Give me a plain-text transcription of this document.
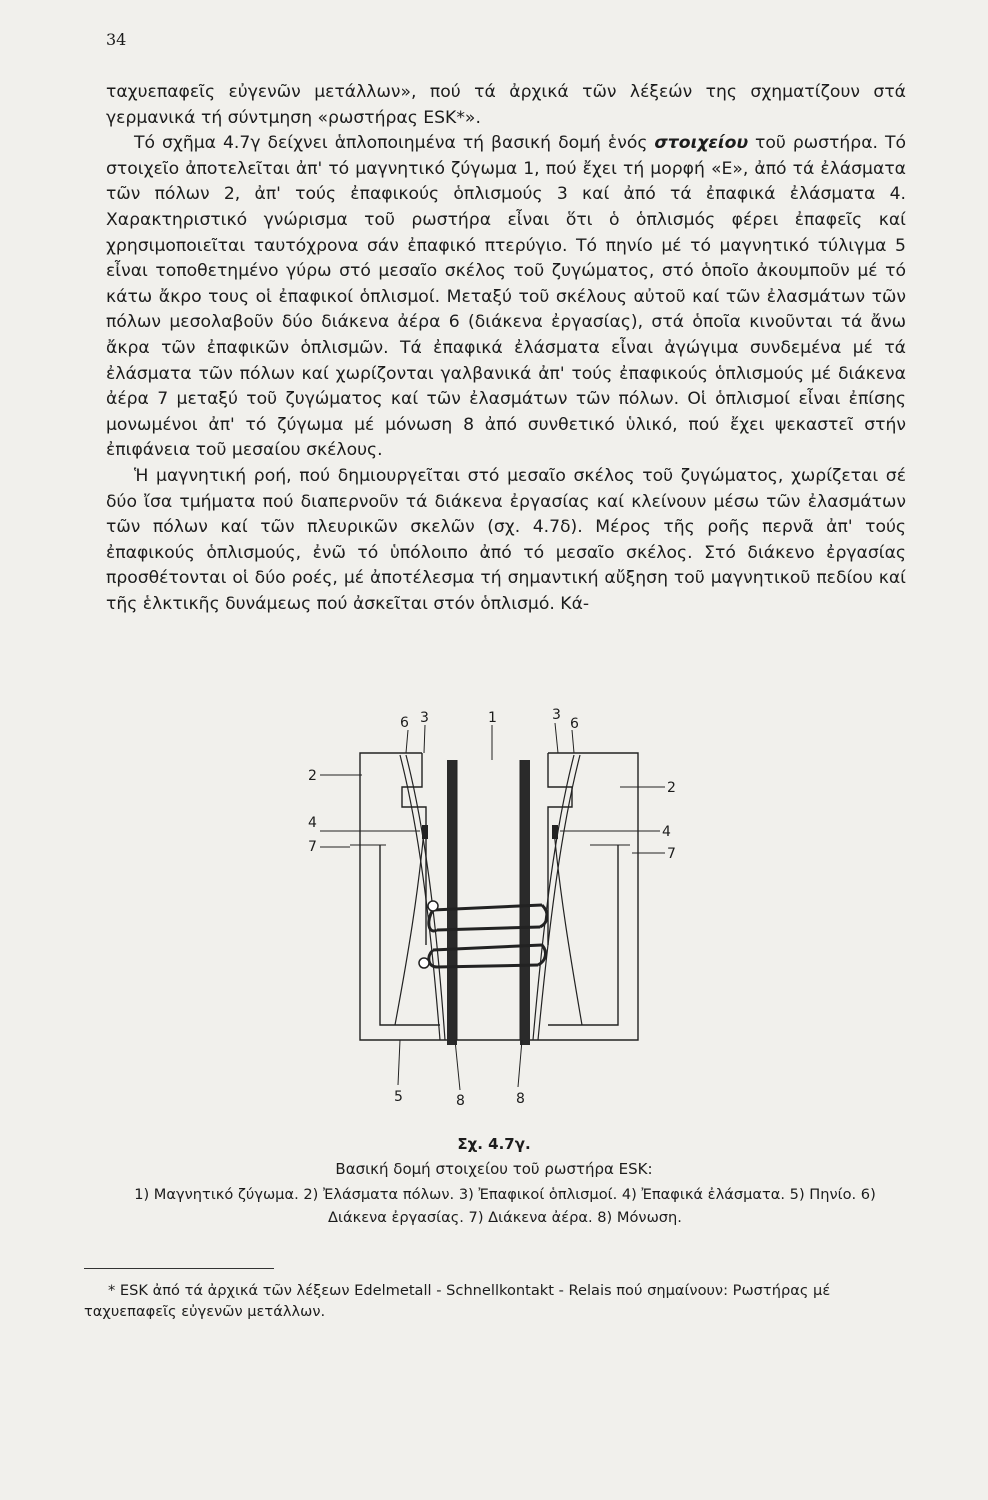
34

ταχυεπαφεῖς εὐγενῶν μετάλλων», πού τά ἀρχικά τῶν λέξεών της σχηματίζουν στά γερμανικά τή σύντμηση «ρωστήρας ESK*».

Τό σχῆμα 4.7γ δείχνει ἁπλοποιημένα τή βασική δομή ἑνός στοιχείου τοῦ ρωστήρα. Τό στοιχεῖο ἀποτελεῖται ἀπ' τό μαγνητικό ζύγωμα 1, πού ἔχει τή μορφή «Ε», ἀπό τά ἐλάσματα τῶν πόλων 2, ἀπ' τούς ἐπαφικούς ὁπλισμούς 3 καί ἀπό τά ἐπαφικά ἐλάσματα 4. Χαρακτηριστικό γνώρισμα τοῦ ρωστήρα εἶναι ὅτι ὁ ὁπλισμός φέρει ἐπαφεῖς καί χρησιμοποιεῖται ταυτόχρονα σάν ἐπαφικό πτερύγιο. Τό πηνίο μέ τό μαγνητικό τύλιγμα 5 εἶναι τοποθετημένο γύρω στό μεσαῖο σκέλος τοῦ ζυγώματος, στό ὁποῖο ἀκουμποῦν μέ τό κάτω ἄκρο τους οἱ ἐπαφικοί ὁπλισμοί. Μεταξύ τοῦ σκέλους αὐτοῦ καί τῶν ἐλασμάτων τῶν πόλων μεσολαβοῦν δύο διάκενα ἀέρα 6 (διάκενα ἐργασίας), στά ὁποῖα κινοῦνται τά ἄνω ἄκρα τῶν ἐπαφικῶν ὁπλισμῶν. Τά ἐπαφικά ἐλάσματα εἶναι ἀγώγιμα συνδεμένα μέ τά ἐλάσματα τῶν πόλων καί χωρίζονται γαλβανικά ἀπ' τούς ἐπαφικούς ὁπλισμούς μέ διάκενα ἀέρα 7 μεταξύ τοῦ ζυγώματος καί τῶν ἐλασμάτων τῶν πόλων. Οἱ ὁπλισμοί εἶναι ἐπίσης μονωμένοι ἀπ' τό ζύγωμα μέ μόνωση 8 ἀπό συνθετικό ὑλικό, πού ἔχει ψεκαστεῖ στήν ἐπιφάνεια τοῦ μεσαίου σκέλους.

Ἡ μαγνητική ροή, πού δημιουργεῖται στό μεσαῖο σκέλος τοῦ ζυγώματος, χωρίζεται σέ δύο ἴσα τμήματα πού διαπερνοῦν τά διάκενα ἐργασίας καί κλείνουν μέσω τῶν ἐλασμάτων τῶν πόλων καί τῶν πλευρικῶν σκελῶν (σχ. 4.7δ). Μέρος τῆς ροῆς περνᾶ ἀπ' τούς ἐπαφικούς ὁπλισμούς, ἐνῶ τό ὑπόλοιπο ἀπό τό μεσαῖο σκέλος. Στό διάκενο ἐργασίας προσθέτονται οἱ δύο ροές, μέ ἀποτέλεσμα τή σημαντική αὔξηση τοῦ μαγνητικοῦ πεδίου καί τῆς ἑλκτικῆς δυνάμεως πού ἀσκεῖται στόν ὁπλισμό. Κά-

6 3	1	3
6
2
2
4
4
7	7
5	8	8
Σχ. 4.7γ.
Βασική δομή στοιχείου τοῦ ρωστήρα ESK:
1) Μαγνητικό ζύγωμα. 2) Ἐλάσματα πόλων. 3) Ἐπαφικοί ὁπλισμοί. 4) Ἐπαφικά ἐλάσματα. 5) Πηνίο. 6) Διάκενα ἐργασίας. 7) Διάκενα ἀέρα. 8) Μόνωση.
* ESK ἀπό τά ἀρχικά τῶν λέξεων Edelmetall - Schnellkontakt - Relais πού σημαίνουν: Ρωστήρας μέ ταχυεπαφεῖς εὐγενῶν μετάλλων.
